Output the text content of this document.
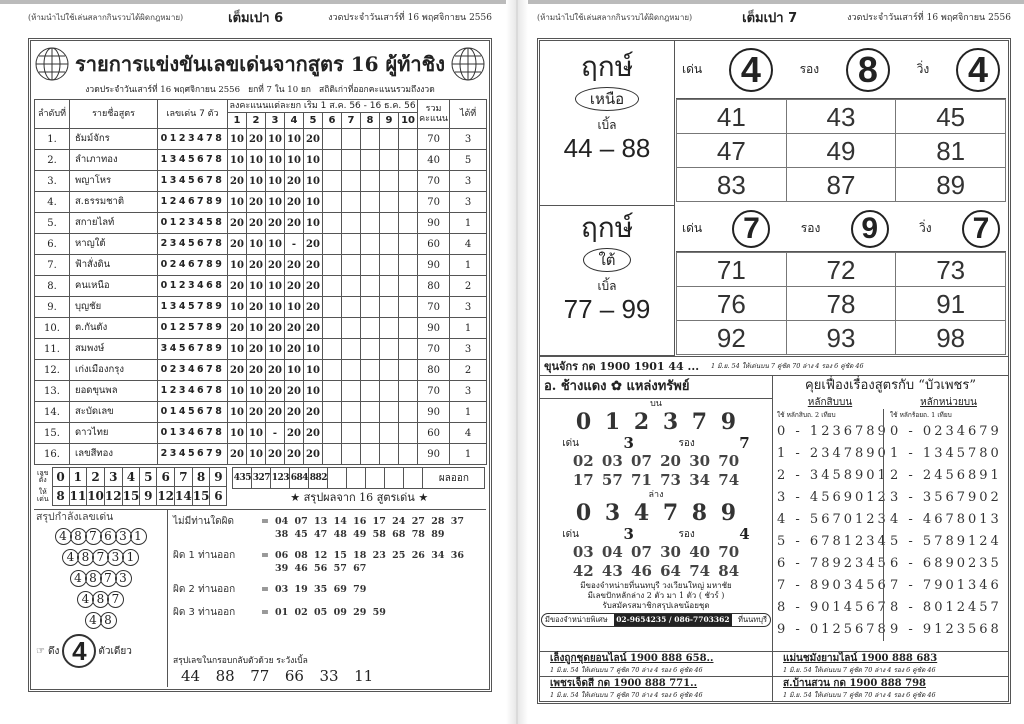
(ห้ามนำไปใช้เล่นสลากกินรวบได้ผิดกฎหมาย)	เต็มเปา 6	งวดประจำวันเสาร์ที่ 16 พฤศจิกายน 2556
รายการแข่งขันเลขเด่นจากสูตร 16 ผู้ท้าชิง
งวดประจำวันเสาร์ที่ 16 พฤศจิกายน 2556   ยกที่ 7 ใน 10 ยก   สถิติเก่าที่ออกคะแนนรวมถึงงวด
ลำดับที่	รายชื่อสูตร	เลขเด่น 7 ตัว	ลงคะแนนแต่ละยก เริ่ม 1 ส.ค. 56 - 16 ธ.ค. 56										รวมคะแนน	ได้ที่
			1	2	3	4	5	6	7	8	9	10		
1.	ธัมม์จักร	0123478	10	20	10	10	20						70	3
2.	ลำเภาทอง	1345678	10	10	10	10	10						40	5
3.	พญาโหร	1345678	20	10	10	20	10						70	3
4.	ส.ธรรมชาติ	1246789	10	20	10	20	10						70	3
5.	สกายไลท์	0123458	20	20	20	20	10						90	1
6.	หาญใต้	2345678	20	10	10	-	20						60	4
7.	ฟ้าสั่งดิน	0246789	10	20	20	20	20						90	1
8.	คนเหนือ	0123468	20	10	10	20	20						80	2
9.	บุญชัย	1345789	10	20	10	10	20						70	3
10.	ต.กันตัง	0125789	20	10	20	20	20						90	1
11.	สมพงษ์	3456789	10	20	10	20	10						70	3
12.	เก่งเมืองกรุง	0234678	20	20	20	10	10						80	2
13.	ยอดขุนพล	1234678	10	10	20	20	10						70	3
14.	สะบัดเลข	0145678	10	20	20	20	20						90	1
15.	ดาวไทย	0134678	10	10	-	20	20						60	4
16.	เลขสีทอง	2345679	20	10	20	20	20						90	1
เลขตั้ง	0	1	2	3	4	5	6	7	8	9
ให้เด่น	8	11	10	12	15	9	12	14	15	6
435	327	123	684	882						ผลออก
★ สรุปผลจาก 16 สูตรเด่น ★
สรุปกำลังเลขเด่น
4 8 7 6 3 1
4 8 7 3 1
4 8 7 3
4 8 7
4 8
☞ ดึง 4	ตัวเดียว
ไม่มีท่านใดผิด	= 04 07 13 14 16 17 24 27 28 37 38 45 47 48 49 58 68 78 89
ผิด 1 ท่านออก	= 06 08 12 15 18 23 25 26 34 36 39 46 56 57 67
ผิด 2 ท่านออก	= 03 19 35 69 79
ผิด 3 ท่านออก	= 01 02 05 09 29 59
สรุปเลขในกรอบกลับตัวด้วย ระวังเบิ้ล
44  88  77  66  33  11
(ห้ามนำไปใช้เล่นสลากกินรวบได้ผิดกฎหมาย)	เต็มเปา 7	งวดประจำวันเสาร์ที่ 16 พฤศจิกายน 2556
ฤกษ์
เหนือ
เบิ้ล
44 – 88
เด่น	4	รอง	8	วิ่ง	4
41	43	45
47	49	81
83	87	89
ฤกษ์
ใต้
เบิ้ล
77 – 99
เด่น	7	รอง	9	วิ่ง	7
71	72	73
76	78	91
92	93	98
ขุนจักร กด 1900 1901 44 ... 1 มิ.ย. 54 ให้เด่นบน 7 คู่ชัด 70 ล่าง 4 รอง 6 คู่ชัด 46
อ. ช้างแดง ✿ แหล่งทรัพย์
บน
0 1 2 3 7 9
เด่น	3	รอง	7
02 03 07 20 30 70
17 57 71 73 34 74
ล่าง
0 3 4 7 8 9
เด่น	3	รอง	4
03 04 07 30 40 70
42 43 46 64 74 84
มีของจำหน่ายที่นนทบุรี วงเวียนใหญ่ มหาชัย
มีเลขปักหลักล่าง 2 ตัว มา 1 ตัว ( ชัวร์ )
รับสมัครสมาชิกสรุปเลขน้อยชุด
มีของจำหน่ายพิเศษ 02-9654235 / 086-7703362 ที่นนทบุรี
เล็งถูกชุดยอนไลน์ 1900 888 658..
1 มิ.ย. 54 ให้เด่นบน 7 คู่ชัด 70 ล่าง 4 รอง 6 คู่ชัด 46
เพชรเจ็ดสี กด 1900 888 771..
1 มิ.ย. 54 ให้เด่นบน 7 คู่ชัด 70 ล่าง 4 รอง 6 คู่ชัด 46
คุยเฟื่องเรื่องสูตรกับ “บัวเพชร”
หลักสิบบน
ใช้ หลักสิบถ. 2 เทียบ
0 - 1236789
1 - 2347890
2 - 3458901
3 - 4569012
4 - 5670123
5 - 6781234
6 - 7892345
7 - 8903456
8 - 9014567
9 - 0125678
หลักหน่วยบน
ใช้ หลักร้อยถ. 1 เทียบ
0 - 0234679
1 - 1345780
2 - 2456891
3 - 3567902
4 - 4678013
5 - 5789124
6 - 6890235
7 - 7901346
8 - 8012457
9 - 9123568
แม่นชมังยามไลน์ 1900 888 683
1 มิ.ย. 54 ให้เด่นบน 7 คู่ชัด 70 ล่าง 4 รอง 6 คู่ชัด 46
ส.บ้านสวน กด 1900 888 798
1 มิ.ย. 54 ให้เด่นบน 7 คู่ชัด 70 ล่าง 4 รอง 6 คู่ชัด 46
